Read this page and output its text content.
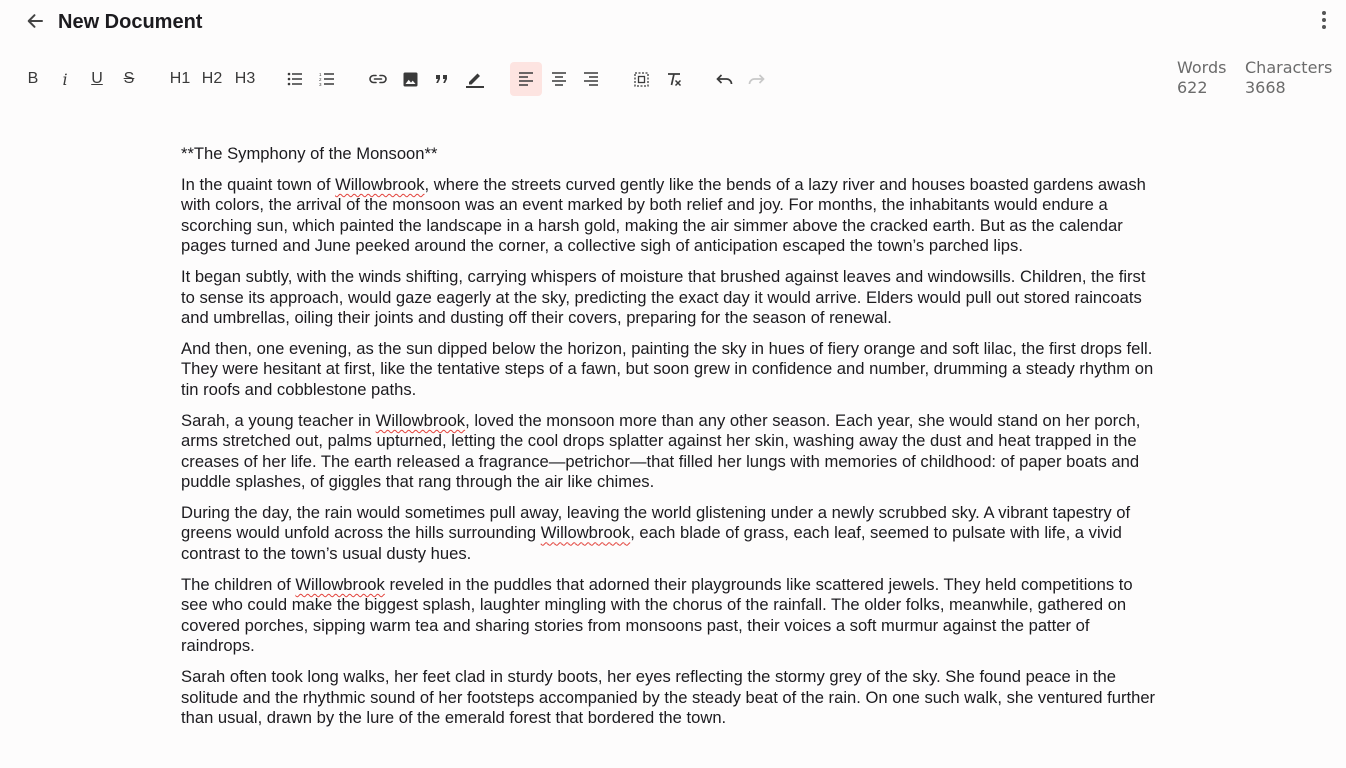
New Document
B i U S H1 H2 H3	1
2
3
Words
622
Characters
3668

**The Symphony of the Monsoon**

In the quaint town of Willowbrook, where the streets curved gently like the bends of a lazy river and houses boasted gardens awash with colors, the arrival of the monsoon was an event marked by both relief and joy. For months, the inhabitants would endure a scorching sun, which painted the landscape in a harsh gold, making the air simmer above the cracked earth. But as the calendar pages turned and June peeked around the corner, a collective sigh of anticipation escaped the town’s parched lips.

It began subtly, with the winds shifting, carrying whispers of moisture that brushed against leaves and windowsills. Children, the first to sense its approach, would gaze eagerly at the sky, predicting the exact day it would arrive. Elders would pull out stored raincoats and umbrellas, oiling their joints and dusting off their covers, preparing for the season of renewal.

And then, one evening, as the sun dipped below the horizon, painting the sky in hues of fiery orange and soft lilac, the first drops fell. They were hesitant at first, like the tentative steps of a fawn, but soon grew in confidence and number, drumming a steady rhythm on tin roofs and cobblestone paths.

Sarah, a young teacher in Willowbrook, loved the monsoon more than any other season. Each year, she would stand on her porch, arms stretched out, palms upturned, letting the cool drops splatter against her skin, washing away the dust and heat trapped in the creases of her life. The earth released a fragrance—petrichor—that filled her lungs with memories of childhood: of paper boats and puddle splashes, of giggles that rang through the air like chimes.

During the day, the rain would sometimes pull away, leaving the world glistening under a newly scrubbed sky. A vibrant tapestry of greens would unfold across the hills surrounding Willowbrook, each blade of grass, each leaf, seemed to pulsate with life, a vivid contrast to the town’s usual dusty hues.

The children of Willowbrook reveled in the puddles that adorned their playgrounds like scattered jewels. They held competitions to see who could make the biggest splash, laughter mingling with the chorus of the rainfall. The older folks, meanwhile, gathered on covered porches, sipping warm tea and sharing stories from monsoons past, their voices a soft murmur against the patter of raindrops.

Sarah often took long walks, her feet clad in sturdy boots, her eyes reflecting the stormy grey of the sky. She found peace in the solitude and the rhythmic sound of her footsteps accompanied by the steady beat of the rain. On one such walk, she ventured further than usual, drawn by the lure of the emerald forest that bordered the town.
